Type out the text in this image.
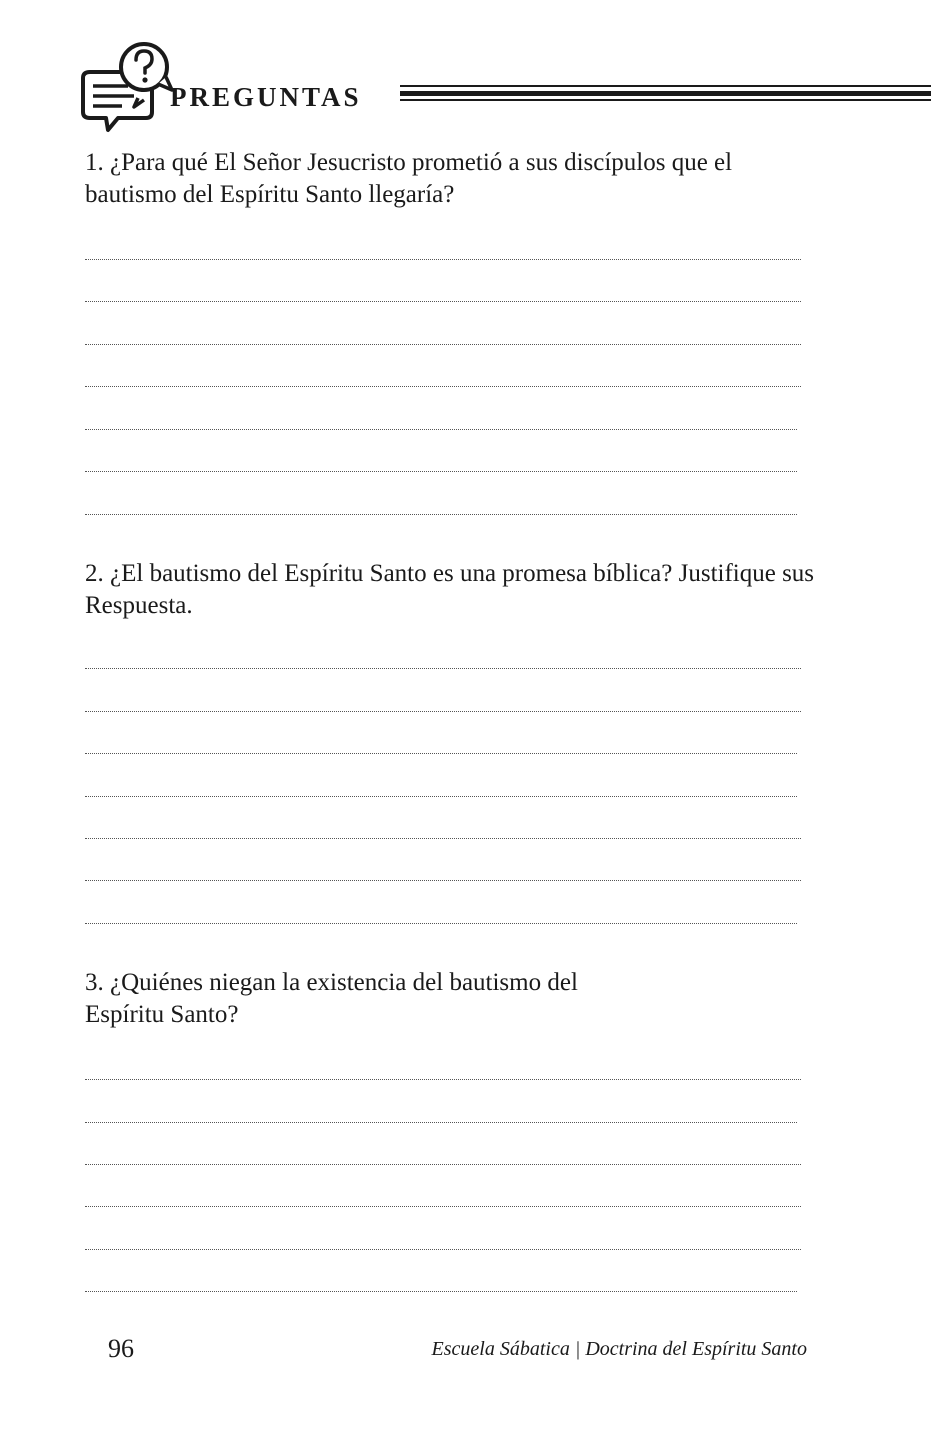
PREGUNTAS

1. ¿Para qué El Señor Jesucristo prometió a sus discípulos que el bautismo del Espíritu Santo llegaría?

2. ¿El bautismo del Espíritu Santo es una promesa bíblica? Justifique sus Respuesta.

3. ¿Quiénes niegan la existencia del bautismo del Espíritu Santo?

96	Escuela Sábatica | Doctrina del Espíritu Santo
